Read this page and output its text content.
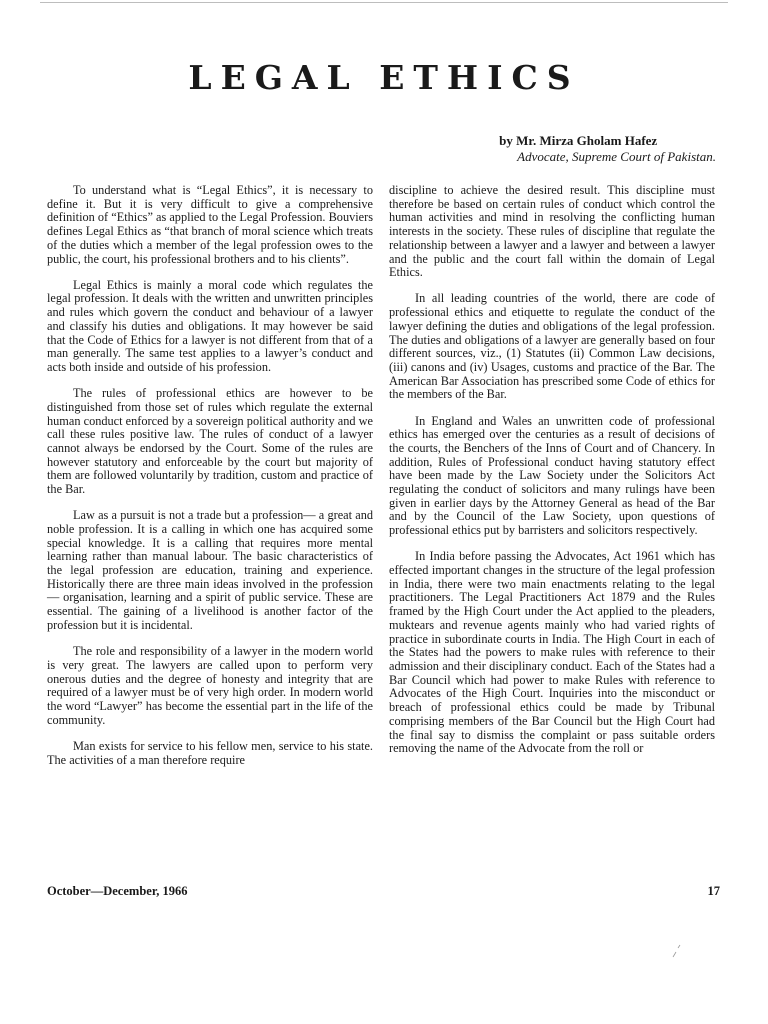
LEGAL ETHICS
by Mr. Mirza Gholam Hafez
Advocate, Supreme Court of Pakistan.

To understand what is “Legal Ethics”, it is necessary to define it. But it is very difficult to give a comprehensive definition of “Ethics” as applied to the Legal Profession. Bouviers defines Legal Ethics as “that branch of moral science which treats of the duties which a member of the legal profession owes to the public, the court, his professional brothers and to his clients”.

Legal Ethics is mainly a moral code which regulates the legal profession. It deals with the written and unwritten principles and rules which govern the conduct and behaviour of a lawyer and classify his duties and obligations. It may however be said that the Code of Ethics for a lawyer is not different from that of a man generally. The same test applies to a lawyer’s conduct and acts both inside and outside of his profession.

The rules of professional ethics are however to be distinguished from those set of rules which regulate the external human conduct enforced by a sovereign political authority and we call these rules positive law. The rules of conduct of a lawyer cannot always be endorsed by the Court. Some of the rules are however statutory and enforceable by the court but majority of them are followed voluntarily by tradition, custom and practice of the Bar.

Law as a pursuit is not a trade but a profession— a great and noble profession. It is a calling in which one has acquired some special knowledge. It is a calling that requires more mental learning rather than manual labour. The basic characteristics of the legal profession are education, training and experience. Historically there are three main ideas involved in the profession — organisation, learning and a spirit of public service. These are essential. The gaining of a livelihood is another factor of the profession but it is incidental.

The role and responsibility of a lawyer in the modern world is very great. The lawyers are called upon to perform very onerous duties and the degree of honesty and integrity that are required of a lawyer must be of very high order. In modern world the word “Lawyer” has become the essential part in the life of the community.

Man exists for service to his fellow men, service to his state. The activities of a man therefore require

discipline to achieve the desired result. This discipline must therefore be based on certain rules of conduct which control the human activities and mind in resolving the conflicting human interests in the society. These rules of discipline that regulate the relationship between a lawyer and a lawyer and between a lawyer and the public and the court fall within the domain of Legal Ethics.

In all leading countries of the world, there are code of professional ethics and etiquette to regulate the conduct of the lawyer defining the duties and obligations of the legal profession. The duties and obligations of a lawyer are generally based on four different sources, viz., (1) Statutes (ii) Common Law decisions, (iii) canons and (iv) Usages, customs and practice of the Bar. The American Bar Association has prescribed some Code of ethics for the members of the Bar.

In England and Wales an unwritten code of professional ethics has emerged over the centuries as a result of decisions of the courts, the Benchers of the Inns of Court and of Chancery. In addition, Rules of Professional conduct having statutory effect have been made by the Law Society under the Solicitors Act regulating the conduct of solicitors and many rulings have been given in earlier days by the Attorney General as head of the Bar and by the Council of the Law Society, upon questions of professional ethics put by barristers and solicitors respectively.

In India before passing the Advocates, Act 1961 which has effected important changes in the structure of the legal profession in India, there were two main enactments relating to the legal practitioners. The Legal Practitioners Act 1879 and the Rules framed by the High Court under the Act applied to the pleaders, muktears and revenue agents mainly who had varied rights of practice in subordinate courts in India. The High Court in each of the States had the powers to make rules with reference to their admission and their disciplinary conduct. Each of the States had a Bar Council which had power to make Rules with reference to Advocates of the High Court. Inquiries into the misconduct or breach of professional ethics could be made by Tribunal comprising members of the Bar Council but the High Court had the final say to dismiss the complaint or pass suitable orders removing the name of the Advocate from the roll or

October—December, 1966	17
